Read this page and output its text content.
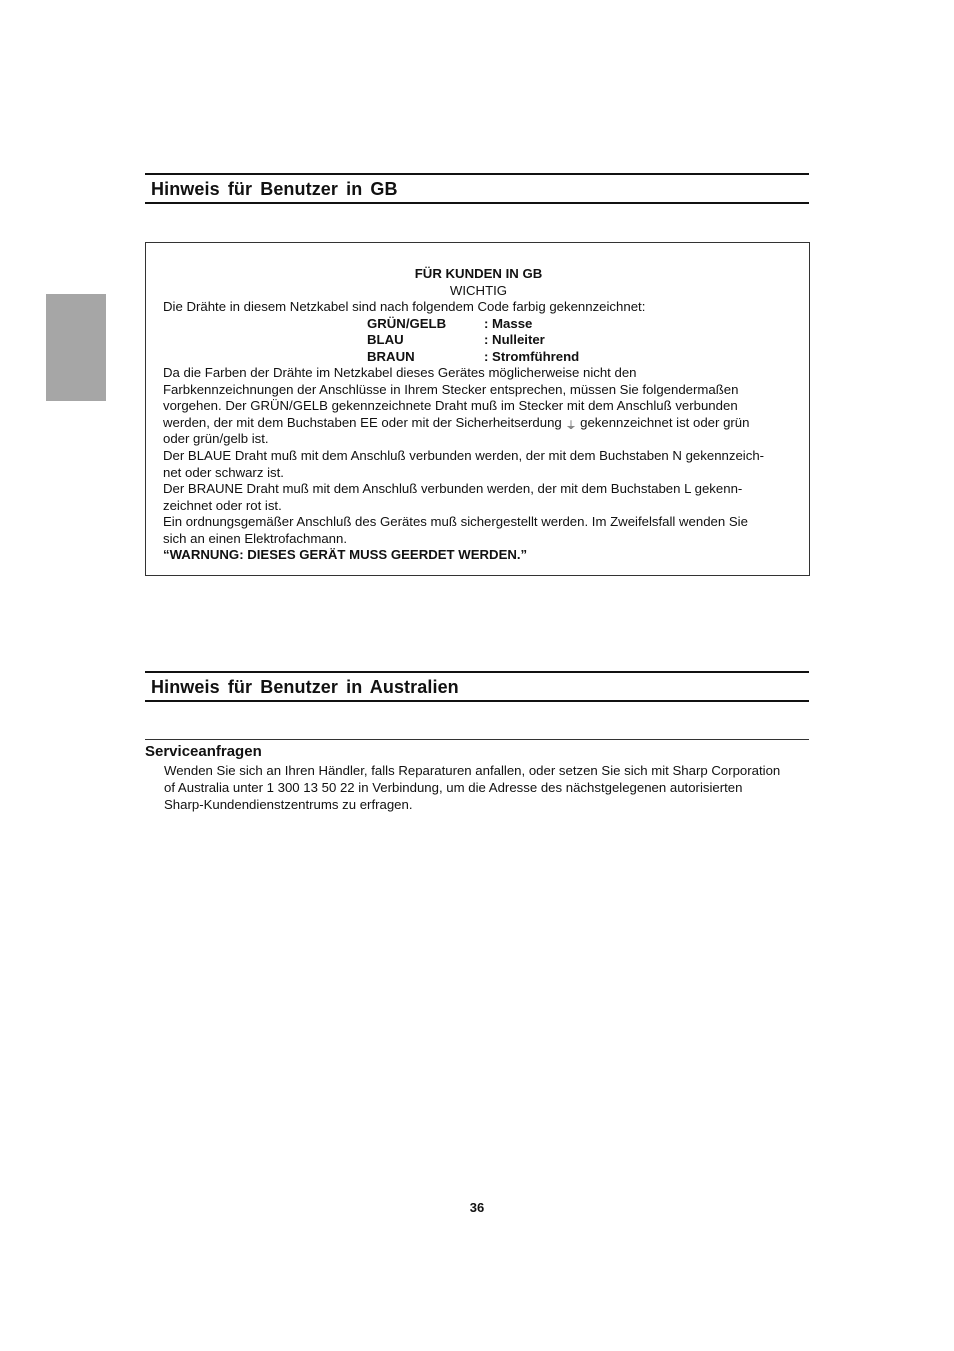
Hinweis für Benutzer in GB
FÜR KUNDEN IN GB
WICHTIG
Die Drähte in diesem Netzkabel sind nach folgendem Code farbig gekennzeichnet:
GRÜN/GELB	: Masse
BLAU	: Nulleiter
BRAUN	: Stromführend
Da die Farben der Drähte im Netzkabel dieses Gerätes möglicherweise nicht den
Farbkennzeichnungen der Anschlüsse in Ihrem Stecker entsprechen, müssen Sie folgendermaßen
vorgehen. Der GRÜN/GELB gekennzeichnete Draht muß im Stecker mit dem Anschluß verbunden
werden, der mit dem Buchstaben EE oder mit der Sicherheitserdung ⏚ gekennzeichnet ist oder grün
oder grün/gelb ist.
Der BLAUE Draht muß mit dem Anschluß verbunden werden, der mit dem Buchstaben N gekennzeich-
net oder schwarz ist.
Der BRAUNE Draht muß mit dem Anschluß verbunden werden, der mit dem Buchstaben L gekenn-
zeichnet oder rot ist.
Ein ordnungsgemäßer Anschluß des Gerätes muß sichergestellt werden. Im Zweifelsfall wenden Sie
sich an einen Elektrofachmann.
“WARNUNG: DIESES GERÄT MUSS GEERDET WERDEN.”
Hinweis für Benutzer in Australien
Serviceanfragen
Wenden Sie sich an Ihren Händler, falls Reparaturen anfallen, oder setzen Sie sich mit Sharp Corporation
of Australia unter 1 300 13 50 22 in Verbindung, um die Adresse des nächstgelegenen autorisierten
Sharp-Kundendienstzentrums zu erfragen.
36
